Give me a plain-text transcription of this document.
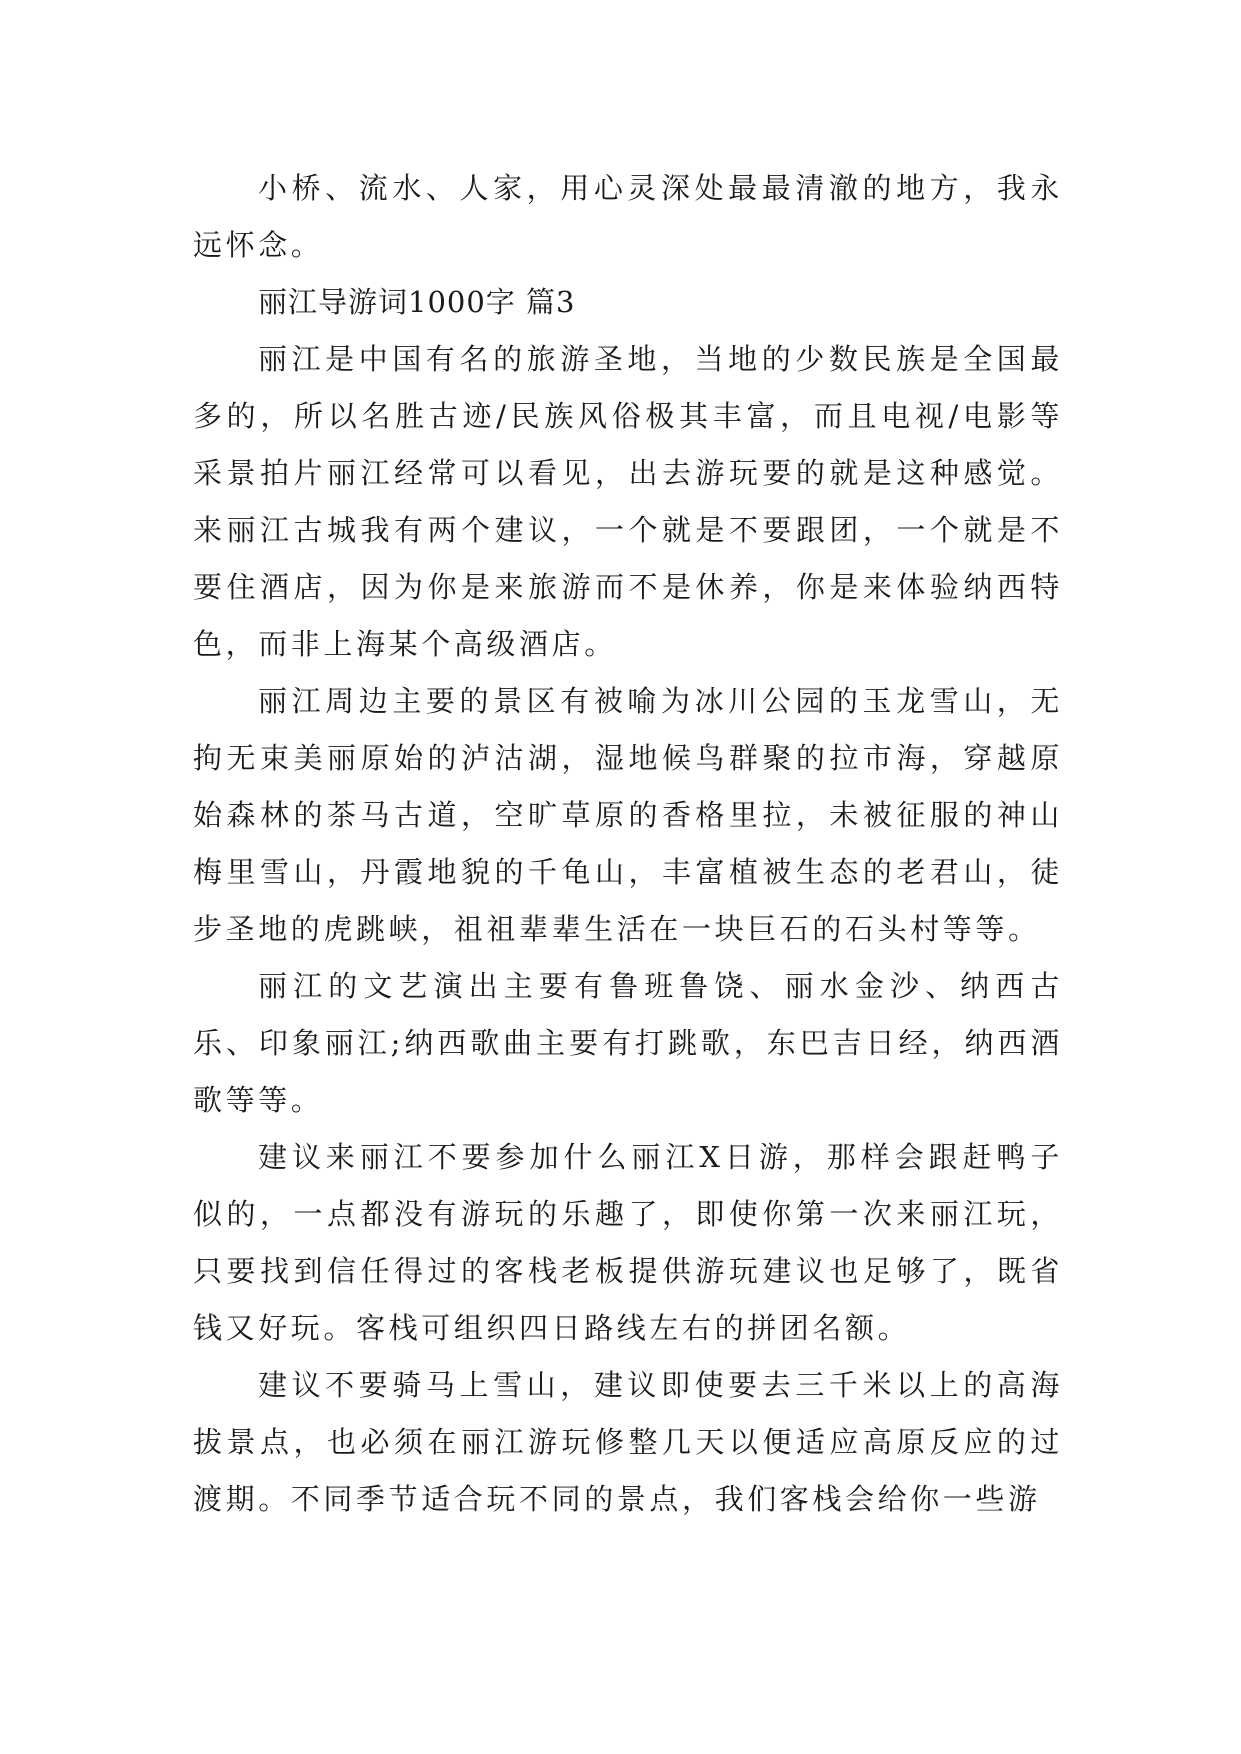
小桥、流水、人家，用心灵深处最最清澈的地方，我永远怀念。

丽江导游词1000字 篇3

丽江是中国有名的旅游圣地，当地的少数民族是全国最多的，所以名胜古迹/民族风俗极其丰富，而且电视/电影等采景拍片丽江经常可以看见，出去游玩要的就是这种感觉。来丽江古城我有两个建议，一个就是不要跟团，一个就是不要住酒店，因为你是来旅游而不是休养，你是来体验纳西特色，而非上海某个高级酒店。

丽江周边主要的景区有被喻为冰川公园的玉龙雪山，无拘无束美丽原始的泸沽湖，湿地候鸟群聚的拉市海，穿越原始森林的茶马古道，空旷草原的香格里拉，未被征服的神山梅里雪山，丹霞地貌的千龟山，丰富植被生态的老君山，徒步圣地的虎跳峡，祖祖辈辈生活在一块巨石的石头村等等。

丽江的文艺演出主要有鲁班鲁饶、丽水金沙、纳西古乐、印象丽江;纳西歌曲主要有打跳歌，东巴吉日经，纳西酒歌等等。

建议来丽江不要参加什么丽江X日游，那样会跟赶鸭子似的，一点都没有游玩的乐趣了，即使你第一次来丽江玩，只要找到信任得过的客栈老板提供游玩建议也足够了，既省钱又好玩。客栈可组织四日路线左右的拼团名额。

建议不要骑马上雪山，建议即使要去三千米以上的高海拔景点，也必须在丽江游玩修整几天以便适应高原反应的过渡期。不同季节适合玩不同的景点，我们客栈会给你一些游
